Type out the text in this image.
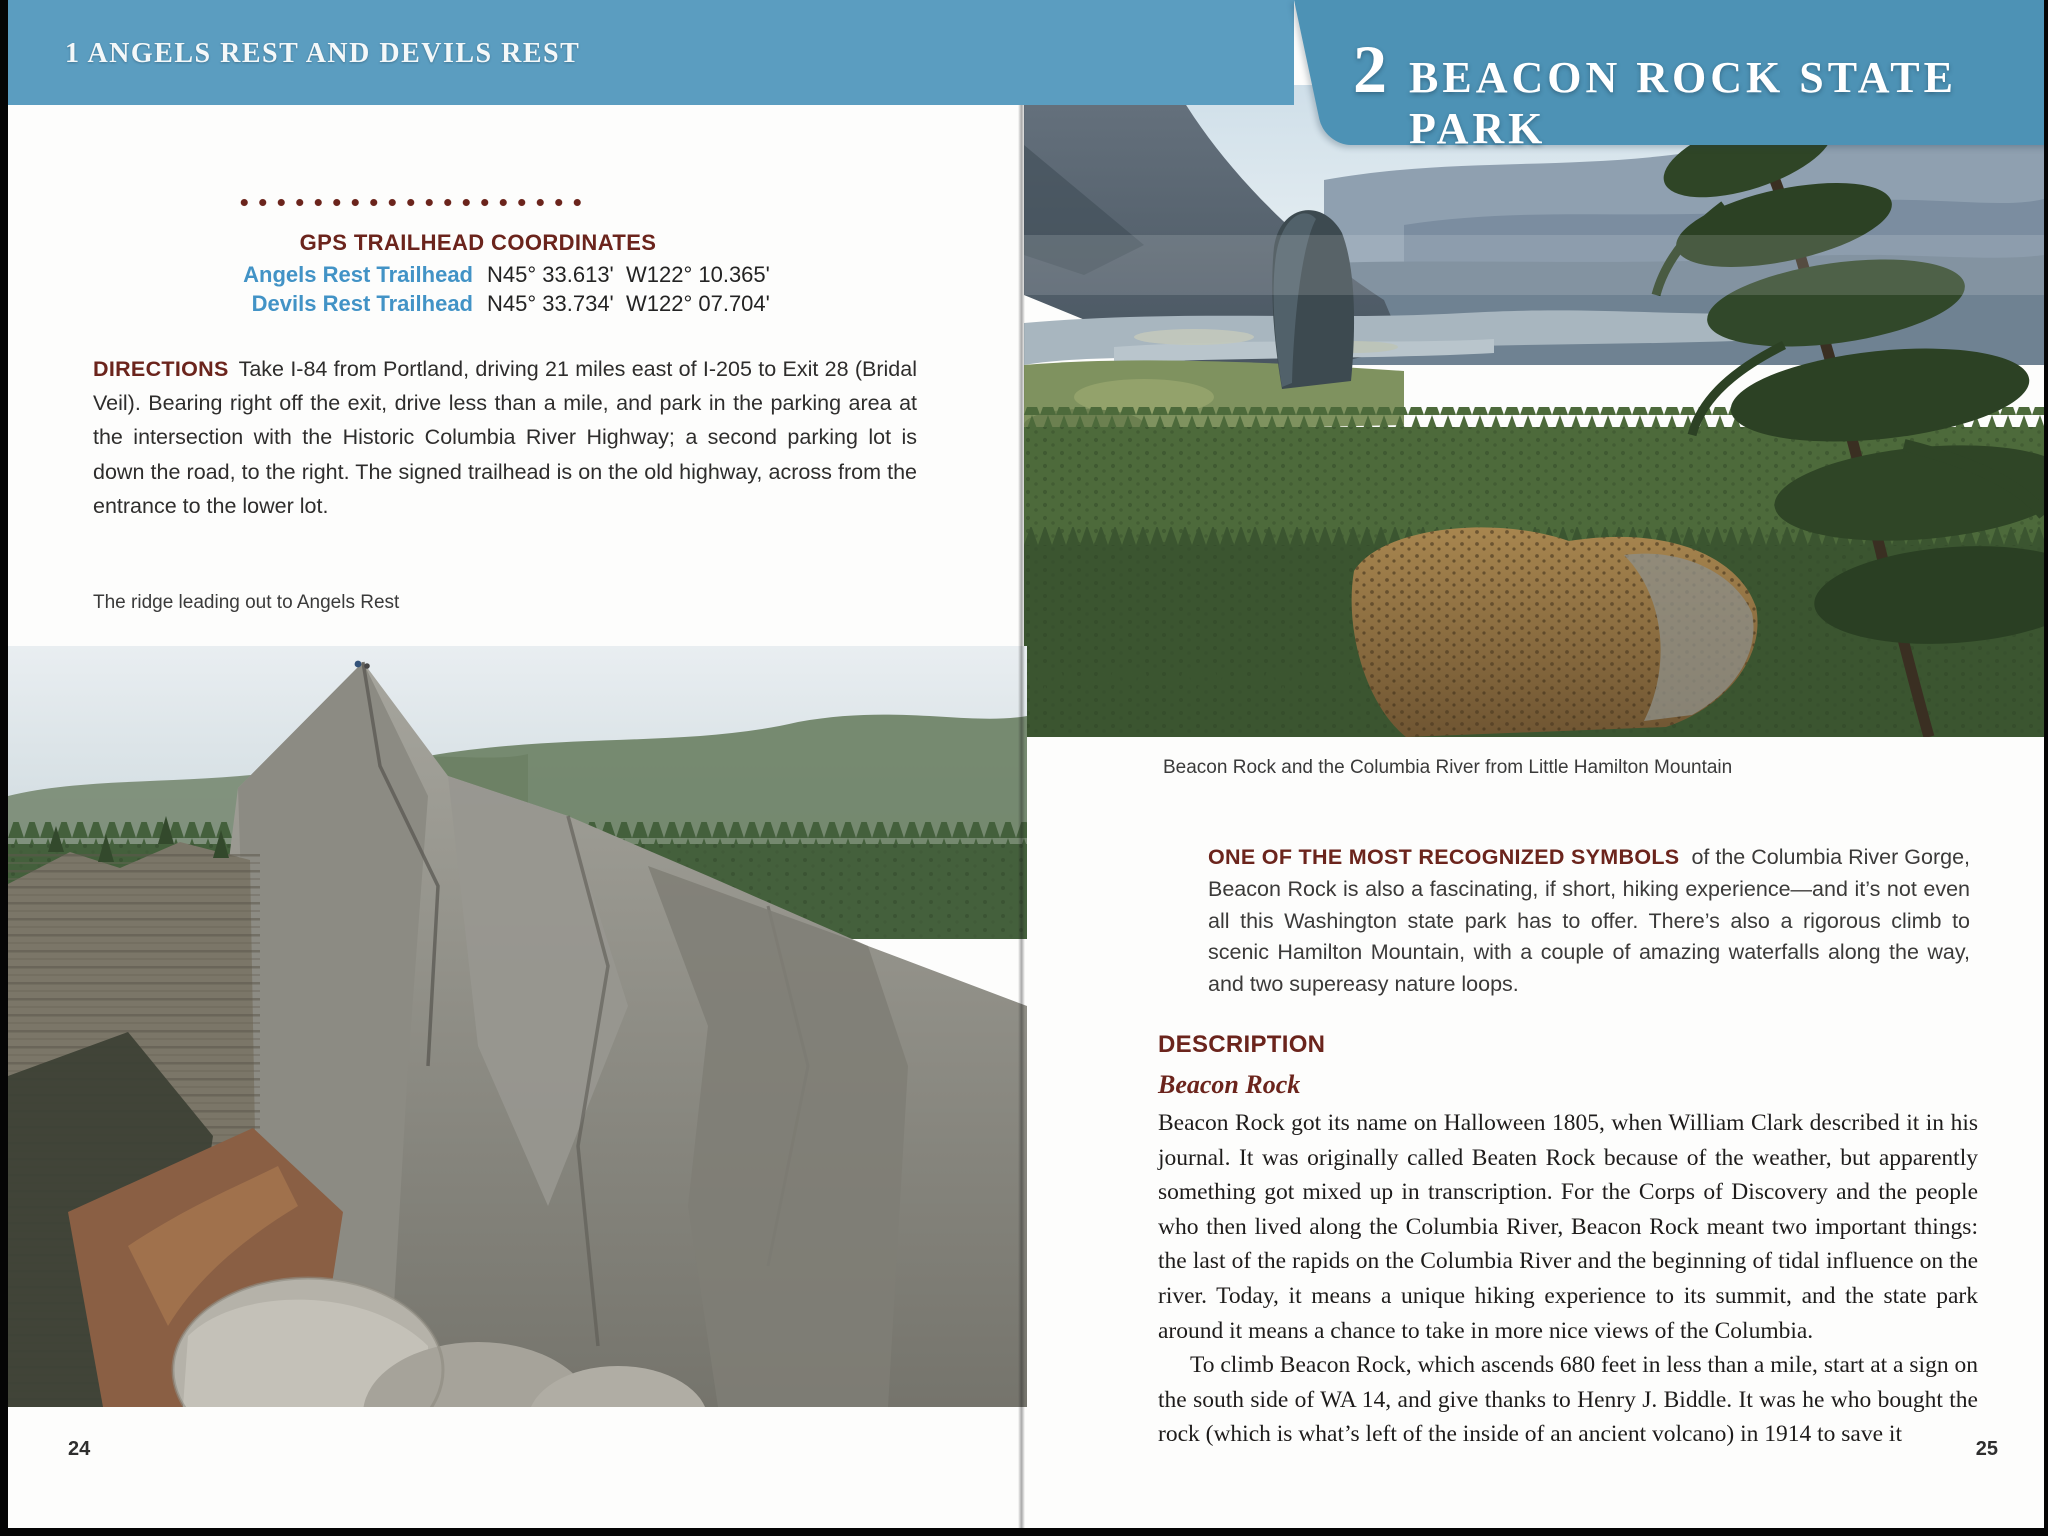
1 ANGELS REST AND DEVILS REST	2 BEACON ROCK STATE PARK
GPS TRAILHEAD COORDINATES
Angels Rest Trailhead N45° 33.613'  W122° 10.365'
Devils Rest Trailhead N45° 33.734'  W122° 07.704'
DIRECTIONS Take I-84 from Portland, driving 21 miles east of I-205 to Exit 28 (Bridal Veil). Bearing right off the exit, drive less than a mile, and park in the parking area at the intersection with the Historic Columbia River Highway; a second parking lot is down the road, to the right. The signed trailhead is on the old highway, across from the entrance to the lower lot.
The ridge leading out to Angels Rest
24
Beacon Rock and the Columbia River from Little Hamilton Mountain
ONE OF THE MOST RECOGNIZED SYMBOLS of the Columbia River Gorge, Beacon Rock is also a fascinating, if short, hiking experience—and it’s not even all this Washington state park has to offer. There’s also a rigorous climb to scenic Hamilton Mountain, with a couple of amazing waterfalls along the way, and two supereasy nature loops.
DESCRIPTION
Beacon Rock

Beacon Rock got its name on Halloween 1805, when William Clark described it in his journal. It was originally called Beaten Rock because of the weather, but apparently something got mixed up in transcription. For the Corps of Discovery and the people who then lived along the Columbia River, Beacon Rock meant two important things: the last of the rapids on the Columbia River and the beginning of tidal influence on the river. Today, it means a unique hiking experience to its summit, and the state park around it means a chance to take in more nice views of the Columbia.

To climb Beacon Rock, which ascends 680 feet in less than a mile, start at a sign on the south side of WA 14, and give thanks to Henry J. Biddle. It was he who bought the rock (which is what’s left of the inside of an ancient volcano) in 1914 to save it

25
